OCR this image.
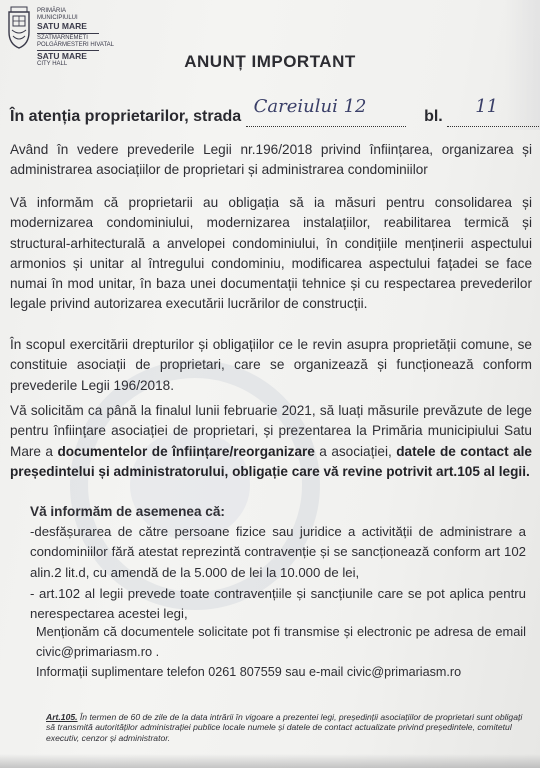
PRIMĂRIA
MUNICIPIULUI
SATU MARE
SZATMÁRNÉMETI
POLGÁRMESTERI HIVATAL
SATU MARE
CITY HALL	ANUNȚ IMPORTANT
În atenția proprietarilor, strada Careiului 12	bl. 11
Având în vedere prevederile Legii nr.196/2018 privind înființarea, organizarea și administrarea asociațiilor de proprietari și administrarea condominiilor
Vă informăm că proprietarii au obligația să ia măsuri pentru consolidarea și modernizarea condominiului, modernizarea instalațiilor, reabilitarea termică și structural-arhitecturală a anvelopei condominiului, în condițiile menținerii aspectului armonios și unitar al întregului condominiu, modificarea aspectului fațadei se face numai în mod unitar, în baza unei documentații tehnice și cu respectarea prevederilor legale privind autorizarea executării lucrărilor de construcții.
În scopul exercitării drepturilor și obligațiilor ce le revin asupra proprietății comune, se constituie asociații de proprietari, care se organizează și funcționează conform prevederile Legii 196/2018.
Vă solicităm ca până la finalul lunii februarie 2021, să luați măsurile prevăzute de lege pentru înființare asociației de proprietari, și prezentarea la Primăria municipiului Satu Mare a documentelor de înființare/reorganizare a asociației, datele de contact ale președintelui și administratorului, obligație care vă revine potrivit art.105 al legii.
Vă informăm de asemenea că:
-desfășurarea de către persoane fizice sau juridice a activității de administrare a condominiilor fără atestat reprezintă contravenție și se sancționează conform art 102 alin.2 lit.d, cu amendă de la 5.000 de lei la 10.000 de lei,
- art.102 al legii prevede toate contravențiile și sancțiunile care se pot aplica pentru nerespectarea acestei legi,
Menționăm că documentele solicitate pot fi transmise și electronic pe adresa de email civic@primariasm.ro .
Informații suplimentare telefon 0261 807559 sau e-mail civic@primariasm.ro
Art.105. În termen de 60 de zile de la data intrării în vigoare a prezentei legi, președinții asociațiilor de proprietari sunt obligați să transmită autorităților administrației publice locale numele și datele de contact actualizate privind președintele, comitetul executiv, cenzor și administrator.
